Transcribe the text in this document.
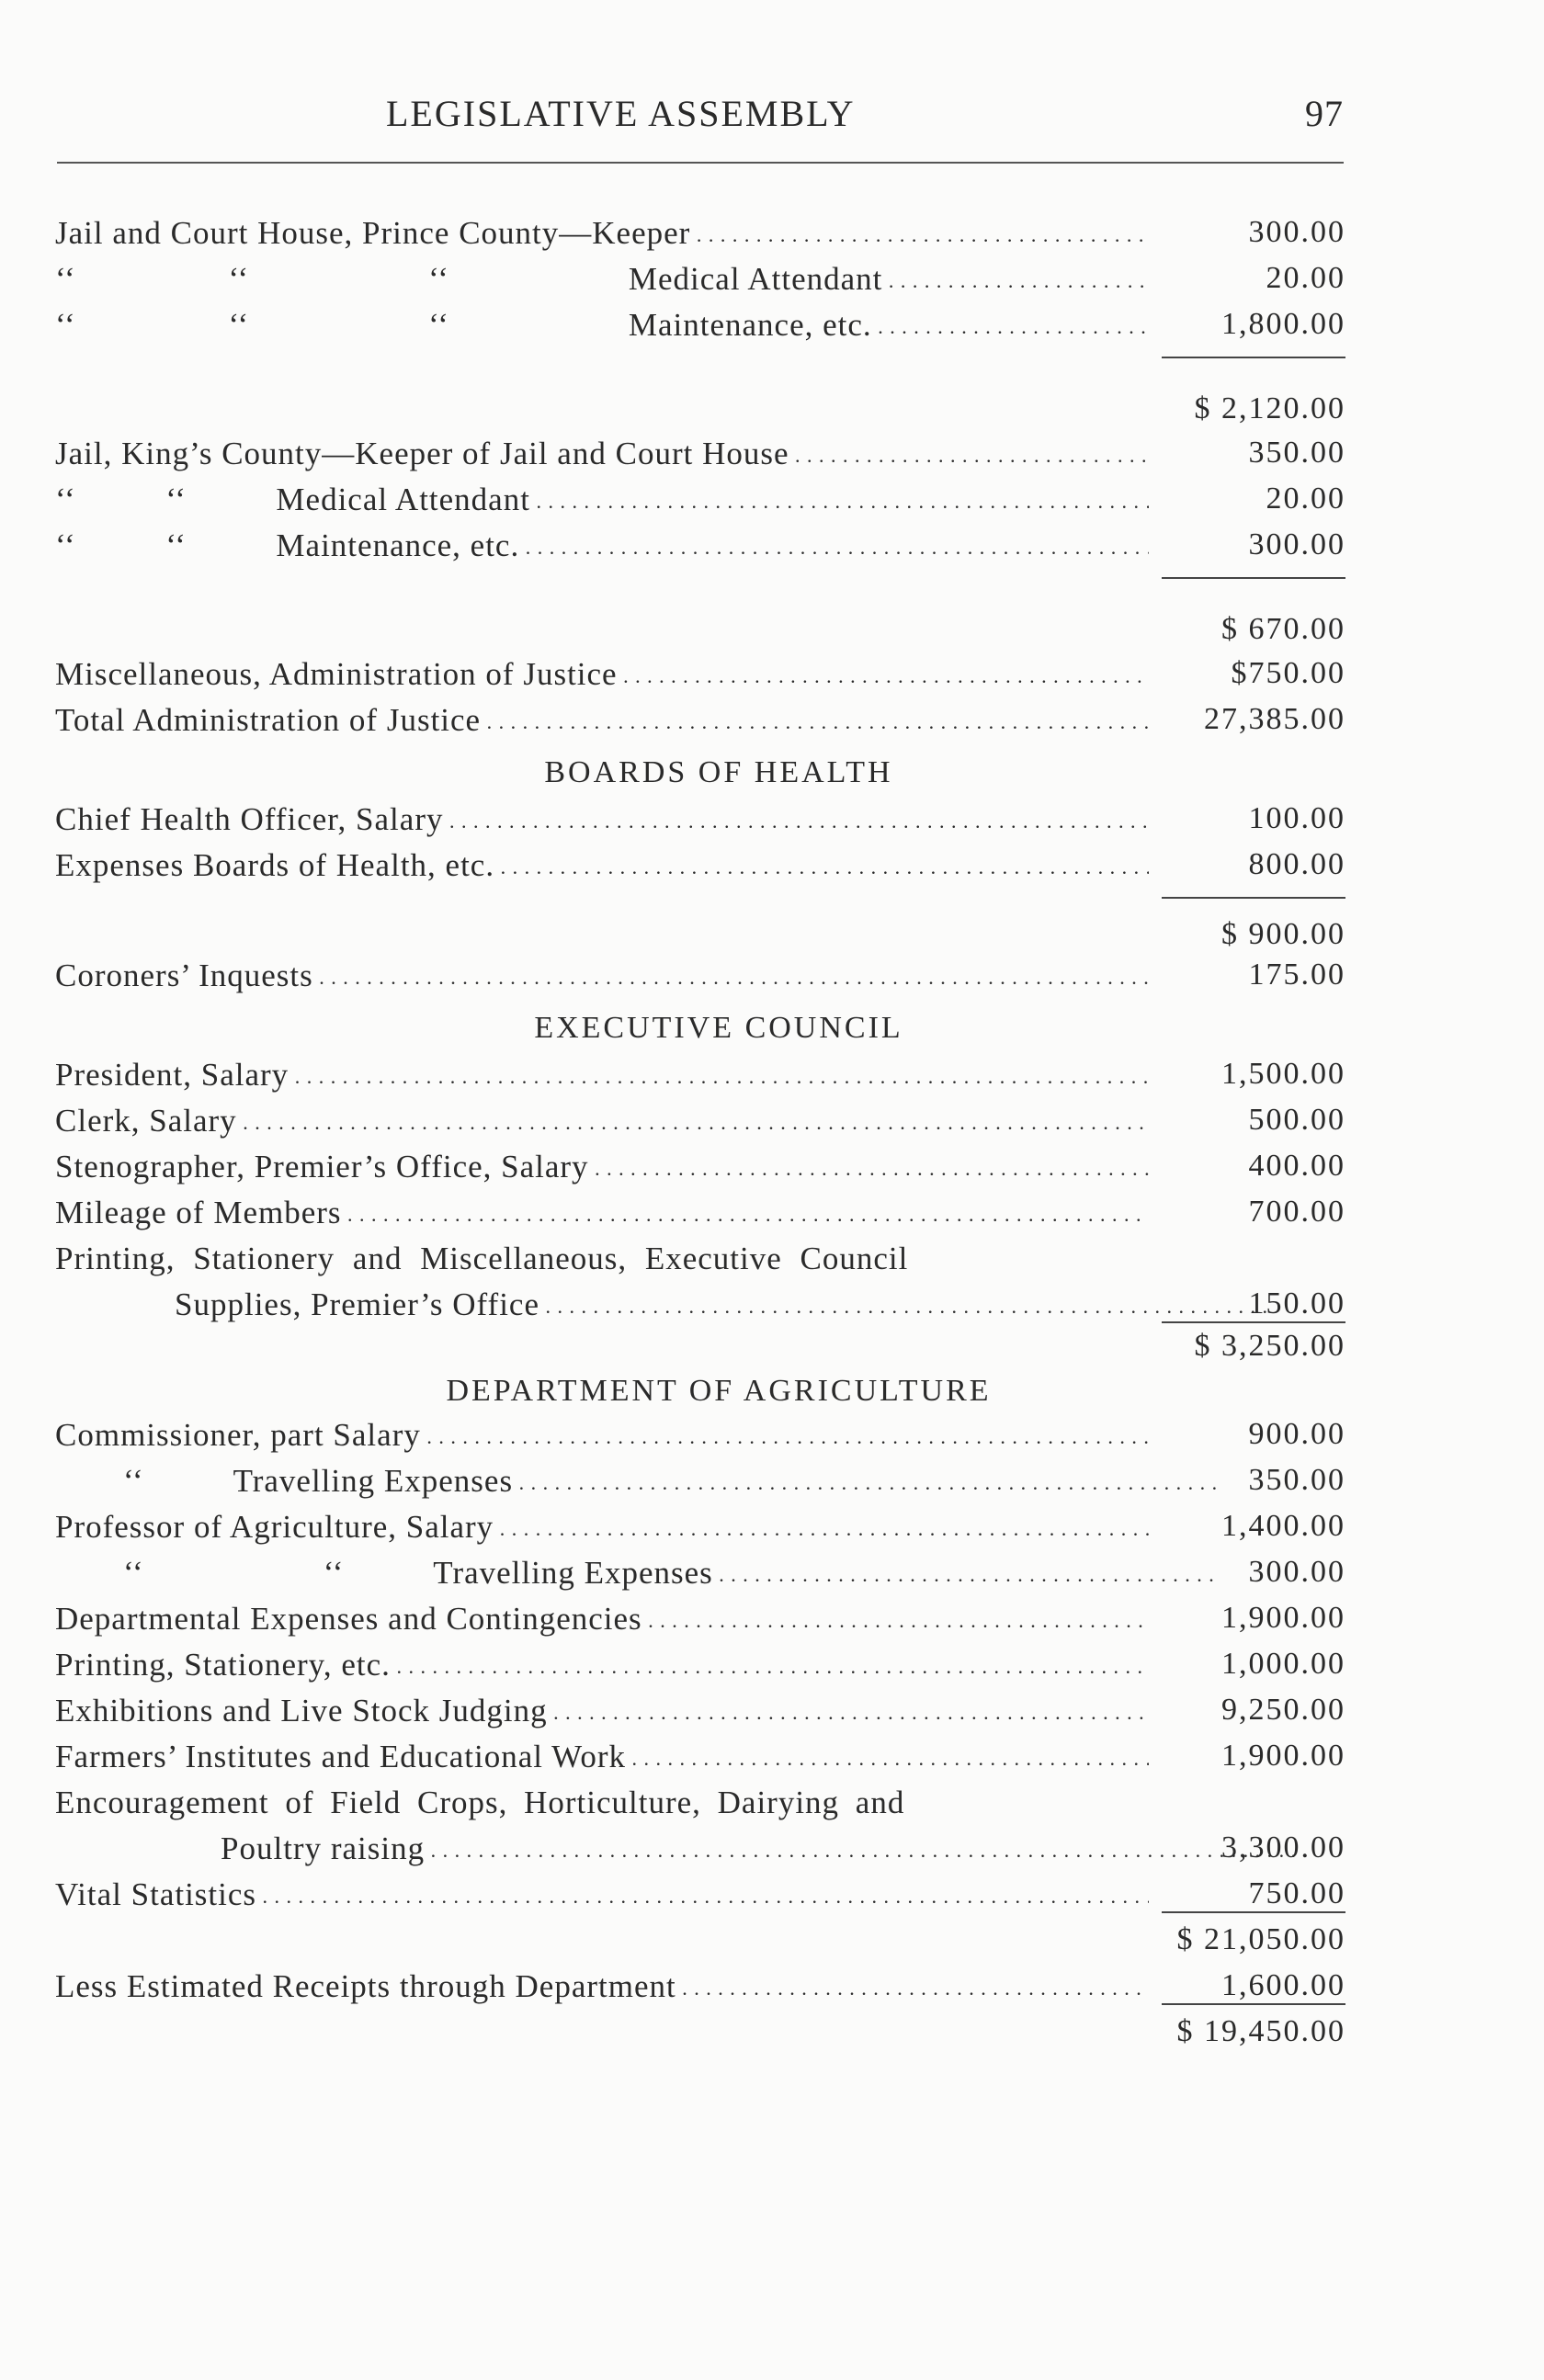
LEGISLATIVE ASSEMBLY	97
Jail and Court House, Prince County—Keeper . . .	300.00
‘‘                 ‘‘                    ‘‘                    Medical Attendant . . .	20.00
‘‘                 ‘‘                    ‘‘                    Maintenance, etc. . . .	1,800.00
$ 2,120.00
Jail, King’s County—Keeper of Jail and Court House . . .	350.00
‘‘          ‘‘          Medical Attendant . . .	20.00
‘‘          ‘‘          Maintenance, etc. . . .	300.00
$ 670.00
Miscellaneous, Administration of Justice . . .	$750.00
Total Administration of Justice . . .	27,385.00
BOARDS OF HEALTH
Chief Health Officer, Salary . . .	100.00
Expenses Boards of Health, etc. . . .	800.00
$ 900.00
Coroners’ Inquests . . .	175.00
EXECUTIVE COUNCIL
President, Salary . . .	1,500.00
Clerk, Salary . . .	500.00
Stenographer, Premier’s Office, Salary . . .	400.00
Mileage of Members . . .	700.00
Printing, Stationery and Miscellaneous, Executive Council
Supplies, Premier’s Office . . .	150.00
$ 3,250.00
DEPARTMENT OF AGRICULTURE
Commissioner, part Salary . . .	900.00
‘‘          Travelling Expenses . . .	350.00
Professor of Agriculture, Salary . . .	1,400.00
‘‘                    ‘‘          Travelling Expenses . . .	300.00
Departmental Expenses and Contingencies . . .	1,900.00
Printing, Stationery, etc. . . .	1,000.00
Exhibitions and Live Stock Judging . . .	9,250.00
Farmers’ Institutes and Educational Work . . .	1,900.00
Encouragement of Field Crops, Horticulture, Dairying and
Poultry raising . . .	3,300.00
Vital Statistics . . .	750.00
$ 21,050.00
Less Estimated Receipts through Department . . .	1,600.00
$ 19,450.00
